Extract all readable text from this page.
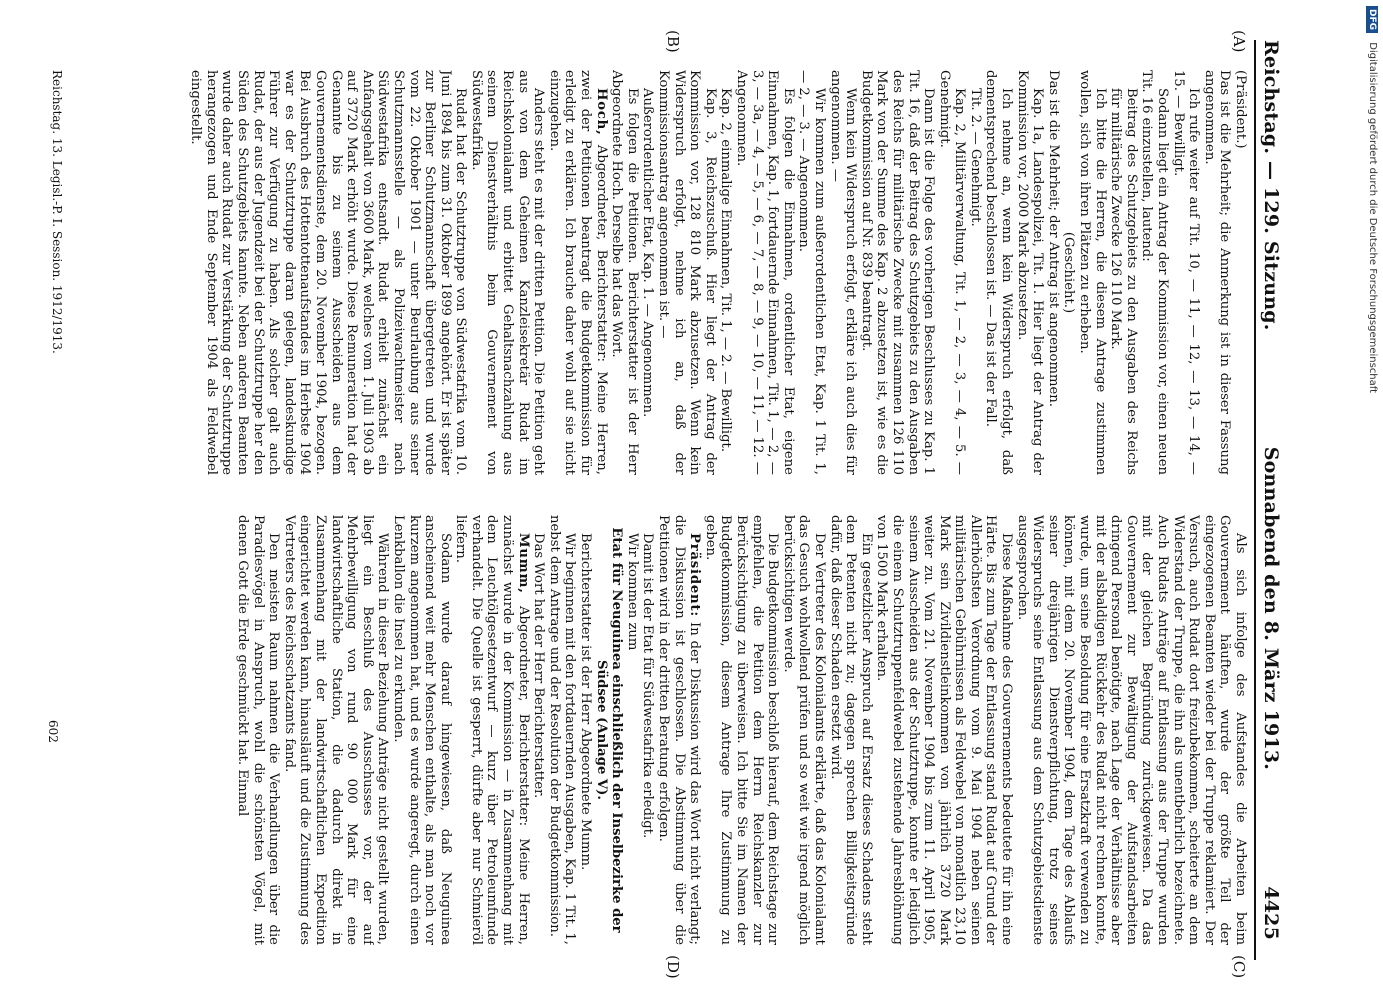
Reichstag. — 129. Sitzung.
Sonnabend den 8. März 1913.
4425
(A)
(B)
(C)
(D)

(Präsident.)

Das ist die Mehrheit; die Anmerkung ist in dieser Fassung angenommen.

Ich rufe weiter auf Tit. 10, — 11, — 12, — 13, — 14, — 15. — Bewilligt.

Sodann liegt ein Antrag der Kommission vor, einen neuen Tit. 16 einzustellen, lautend:

Beitrag des Schutzgebiets zu den Ausgaben des Reichs für militärische Zwecke 126 110 Mark.

Ich bitte die Herren, die diesem Antrage zustimmen wollen, sich von ihren Plätzen zu erheben.

(Geschieht.)

Das ist die Mehrheit; der Antrag ist angenommen.

Kap. 1a, Landespolizei, Tit. 1. Hier liegt der Antrag der Kommission vor, 2000 Mark abzusetzen.

Ich nehme an, wenn kein Widerspruch erfolgt, daß dementsprechend beschlossen ist. — Das ist der Fall.

Tit. 2. — Genehmigt.

Kap. 2, Militärverwaltung, Tit. 1, — 2, — 3, — 4, — 5. — Genehmigt.

Dann ist die Folge des vorherigen Beschlusses zu Kap. 1 Tit. 16, daß der Beitrag des Schutzgebiets zu den Ausgaben des Reichs für militärische Zwecke mit zusammen 126 110 Mark von der Summe des Kap. 2 abzusetzen ist, wie es die Budgetkommission auf Nr. 839 beantragt.

Wenn kein Widerspruch erfolgt, erkläre ich auch dies für angenommen. —

Wir kommen zum außerordentlichen Etat, Kap. 1 Tit. 1, — 2, — 3. — Angenommen.

Es folgen die Einnahmen, ordentlicher Etat, eigene Einnahmen, Kap. 1, fortdauernde Einnahmen, Tit. 1, — 2, — 3, — 3a, — 4, — 5, — 6, — 7, — 8, — 9, — 10, — 11, — 12. — Angenommen.

Kap. 2, einmalige Einnahmen, Tit. 1, — 2. — Bewilligt.

Kap. 3, Reichszuschuß. Hier liegt der Antrag der Kommission vor, 128 810 Mark abzusetzen. Wenn kein Widerspruch erfolgt, nehme ich an, daß der Kommissionsantrag angenommen ist. —

Außerordentlicher Etat, Kap. 1. — Angenommen.

Es folgen die Petitionen. Berichterstatter ist der Herr Abgeordnete Hoch. Derselbe hat das Wort.

Hoch, Abgeordneter, Berichterstatter: Meine Herren, zwei der Petitionen beantragt die Budgetkommission für erledigt zu erklären. Ich brauche daher wohl auf sie nicht einzugehen.

Anders steht es mit der dritten Petition. Die Petition geht aus von dem Geheimen Kanzleisekretär Rudat im Reichskolonialamt und erbittet Gehaltsnachzahlung aus seinem Dienstverhältnis beim Gouvernement von Südwestafrika.

Rudat hat der Schutztruppe von Südwestafrika vom 10. Juni 1894 bis zum 31. Oktober 1899 angehört. Er ist später zur Berliner Schutzmannschaft übergetreten und wurde vom 22. Oktober 1901 — unter Beurlaubung aus seiner Schutzmannsstelle — als Polizeiwachtmeister nach Südwestafrika entsandt. Rudat erhielt zunächst ein Anfangsgehalt von 3600 Mark, welches vom 1. Juli 1903 ab auf 3720 Mark erhöht wurde. Diese Remuneration hat der Genannte bis zu seinem Ausscheiden aus dem Gouvernementsdienste, dem 20. November 1904, bezogen. Bei Ausbruch des Hottentottenaufstandes im Herbste 1904 war es der Schutztruppe daran gelegen, landeskundige Führer zur Verfügung zu haben. Als solcher galt auch Rudat, der aus der Jugendzeit bei der Schutztruppe her den Süden des Schutzgebiets kannte. Neben anderen Beamten wurde daher auch Rudat zur Verstärkung der Schutztruppe herangezogen und Ende September 1904 als Feldwebel eingestellt.

Als sich infolge des Aufstandes die Arbeiten beim Gouvernement häuften, wurde der größte Teil der eingezogenen Beamten wieder bei der Truppe reklamiert. Der Versuch, auch Rudat dort freizubekommen, scheiterte an dem Widerstand der Truppe, die ihn als unentbehrlich bezeichnete. Auch Rudats Anträge auf Entlassung aus der Truppe wurden mit der gleichen Begründung zurückgewiesen. Da das Gouvernement zur Bewältigung der Aufstandsarbeiten dringend Personal benötigte, nach Lage der Verhältnisse aber mit der alsbaldigen Rückkehr des Rudat nicht rechnen konnte, wurde, um seine Besoldung für eine Ersatzkraft verwenden zu können, mit dem 20. November 1904, dem Tage des Ablaufs seiner dreijährigen Dienstverpflichtung, trotz seines Widerspruchs seine Entlassung aus dem Schutzgebietsdienste ausgesprochen.

Diese Maßnahme des Gouvernements bedeutete für ihn eine Härte. Bis zum Tage der Entlassung stand Rudat auf Grund der Allerhöchsten Verordnung vom 9. Mai 1904 neben seinen militärischen Gebührnissen als Feldwebel von monatlich 23,10 Mark sein Zivildienstleinkommen von jährlich 3720 Mark weiter zu. Vom 21. November 1904 bis zum 11. April 1905, seinem Ausscheiden aus der Schutztruppe, konnte er lediglich die einem Schutztruppenfeldwebel zustehende Jahresblöhnung von 1500 Mark erhalten.

Ein gesetzlicher Anspruch auf Ersatz dieses Schadens steht dem Petenten nicht zu; dagegen sprechen Billigkeitsgründe dafür, daß dieser Schaden ersetzt wird.

Der Vertreter des Kolonialamts erklärte, daß das Kolonialamt das Gesuch wohlwollend prüfen und so weit wie irgend möglich berücksichtigen werde.

Die Budgetkommission beschloß hierauf, dem Reichstage zur empfehlen, die Petition dem Herrn Reichskanzler zur Berücksichtigung zu überweisen. Ich bitte Sie im Namen der Budgetkommission, diesem Antrage Ihre Zustimmung zu geben.

Präsident: In der Diskussion wird das Wort nicht verlangt; die Diskussion ist geschlossen. Die Abstimmung über die Petitionen wird in der dritten Beratung erfolgen.

Damit ist der Etat für Südwestafrika erledigt.

Wir kommen zum

Etat für Neuguinea einschließlich der Inselbezirke der Südsee (Anlage V).

Berichterstatter ist der Herr Abgeordnete Mumm.

Wir beginnen mit den fortdauernden Ausgaben, Kap. 1 Tit. 1, nebst dem Antrage und der Resolution der Budgetkommission.

Das Wort hat der Herr Berichterstatter.

Mumm, Abgeordneter, Berichterstatter: Meine Herren, zunächst wurde in der Kommission — in Zusammenhang mit dem Leuchtölgesetzentwurf — kurz über Petroleumfunde verhandelt. Die Quelle ist gesperrt, dürfte aber nur Schmieröl liefern.

Sodann wurde darauf hingewiesen, daß Neuguinea anscheinend weit mehr Menschen enthalte, als man noch vor kurzem angenommen hat, und es wurde angeregt, durch einen Lenkballon die Insel zu erkunden.

Während in dieser Beziehung Anträge nicht gestellt wurden, liegt ein Beschluß des Ausschusses vor, der auf Mehrbewilligung von rund 90 000 Mark für eine landwirtschaftliche Station, die dadurch direkt in Zusammenhang mit der landwirtschaftlichen Expedition eingerichtet werden kann, hinausläuft und die Zustimmung des Vertreters des Reichsschatzamts fand.

Den meisten Raum nahmen die Verhandlungen über die Paradiesvögel in Anspruch, wohl die schönsten Vögel, mit denen Gott die Erde geschmückt hat. Einmal

Reichstag. 13. Legisl.-P. I. Session. 1912/1913.
602
DFG Digitalisierung gefördert durch die Deutsche Forschungsgemeinschaft
